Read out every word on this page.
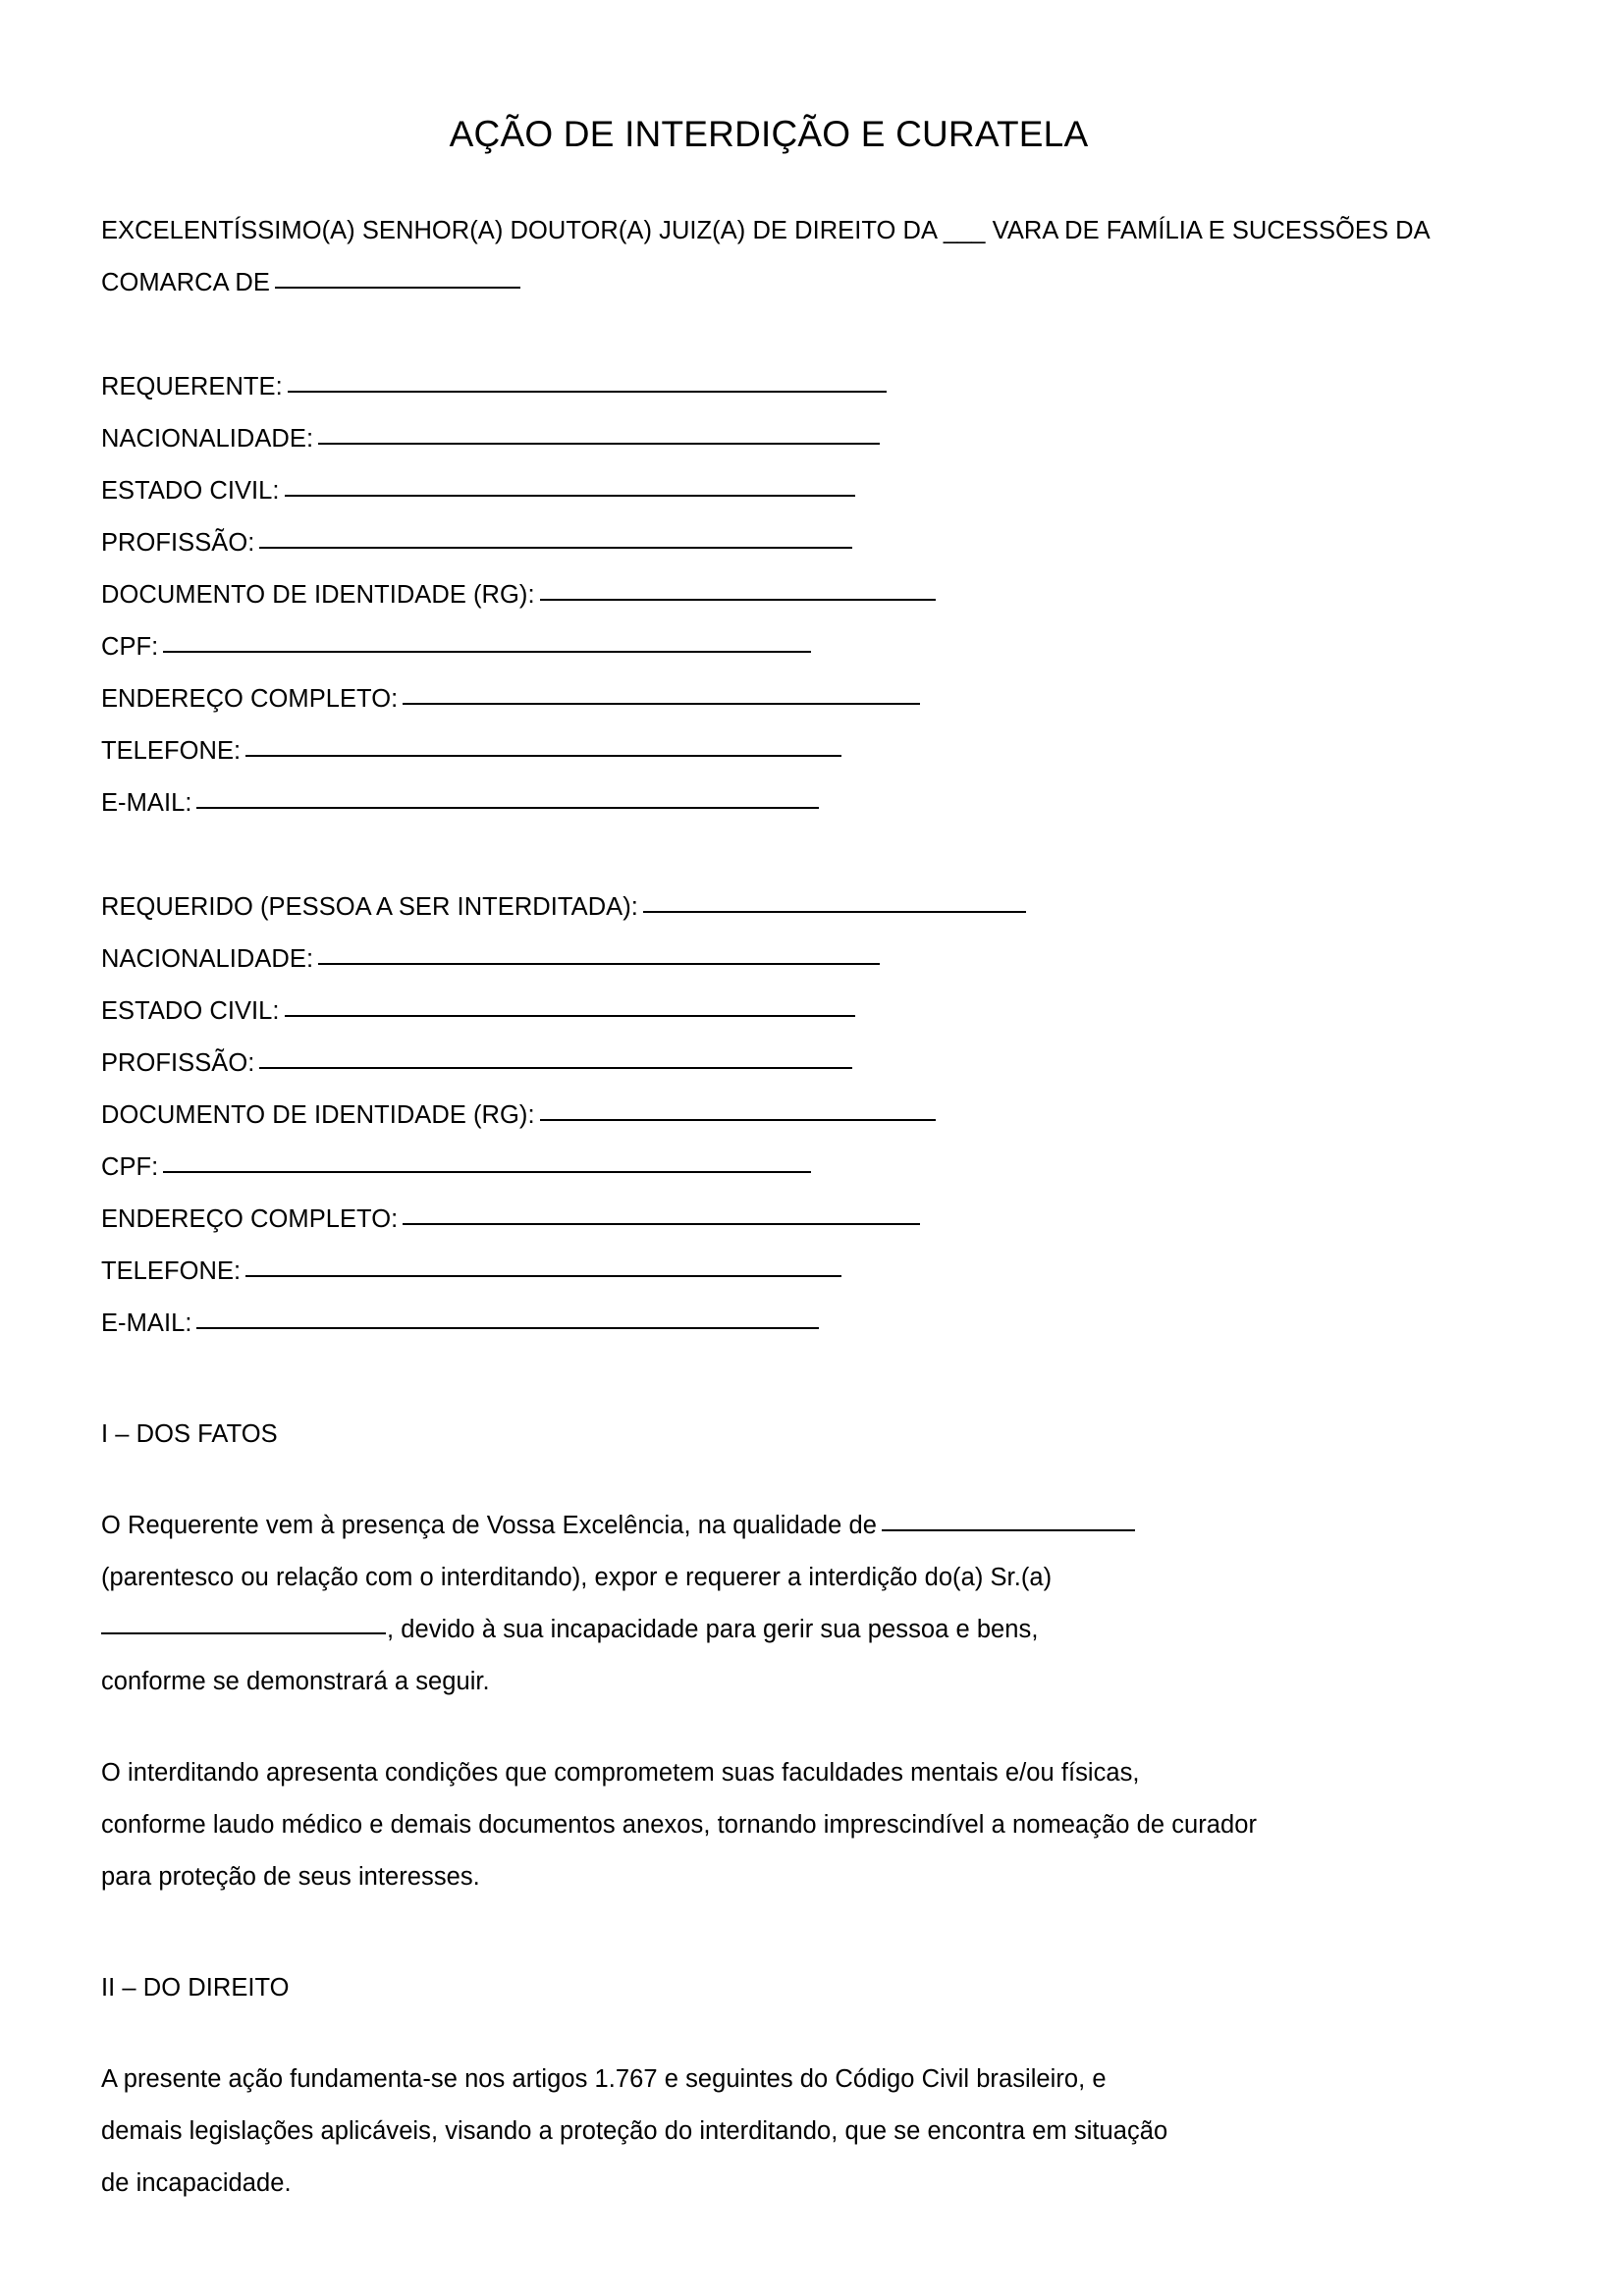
AÇÃO DE INTERDIÇÃO E CURATELA
EXCELENTÍSSIMO(A) SENHOR(A) DOUTOR(A) JUIZ(A) DE DIREITO DA ___ VARA DE FAMÍLIA E SUCESSÕES DA
COMARCA DE
REQUERENTE:
NACIONALIDADE:
ESTADO CIVIL:
PROFISSÃO:
DOCUMENTO DE IDENTIDADE (RG):
CPF:
ENDEREÇO COMPLETO:
TELEFONE:
E-MAIL:
REQUERIDO (PESSOA A SER INTERDITADA):
NACIONALIDADE:
ESTADO CIVIL:
PROFISSÃO:
DOCUMENTO DE IDENTIDADE (RG):
CPF:
ENDEREÇO COMPLETO:
TELEFONE:
E-MAIL:
I – DOS FATOS
O Requerente vem à presença de Vossa Excelência, na qualidade de
(parentesco ou relação com o interditando), expor e requerer a interdição do(a) Sr.(a)
, devido à sua incapacidade para gerir sua pessoa e bens,
conforme se demonstrará a seguir.
O interditando apresenta condições que comprometem suas faculdades mentais e/ou físicas,
conforme laudo médico e demais documentos anexos, tornando imprescindível a nomeação de curador
para proteção de seus interesses.
II – DO DIREITO
A presente ação fundamenta-se nos artigos 1.767 e seguintes do Código Civil brasileiro, e
demais legislações aplicáveis, visando a proteção do interditando, que se encontra em situação
de incapacidade.
